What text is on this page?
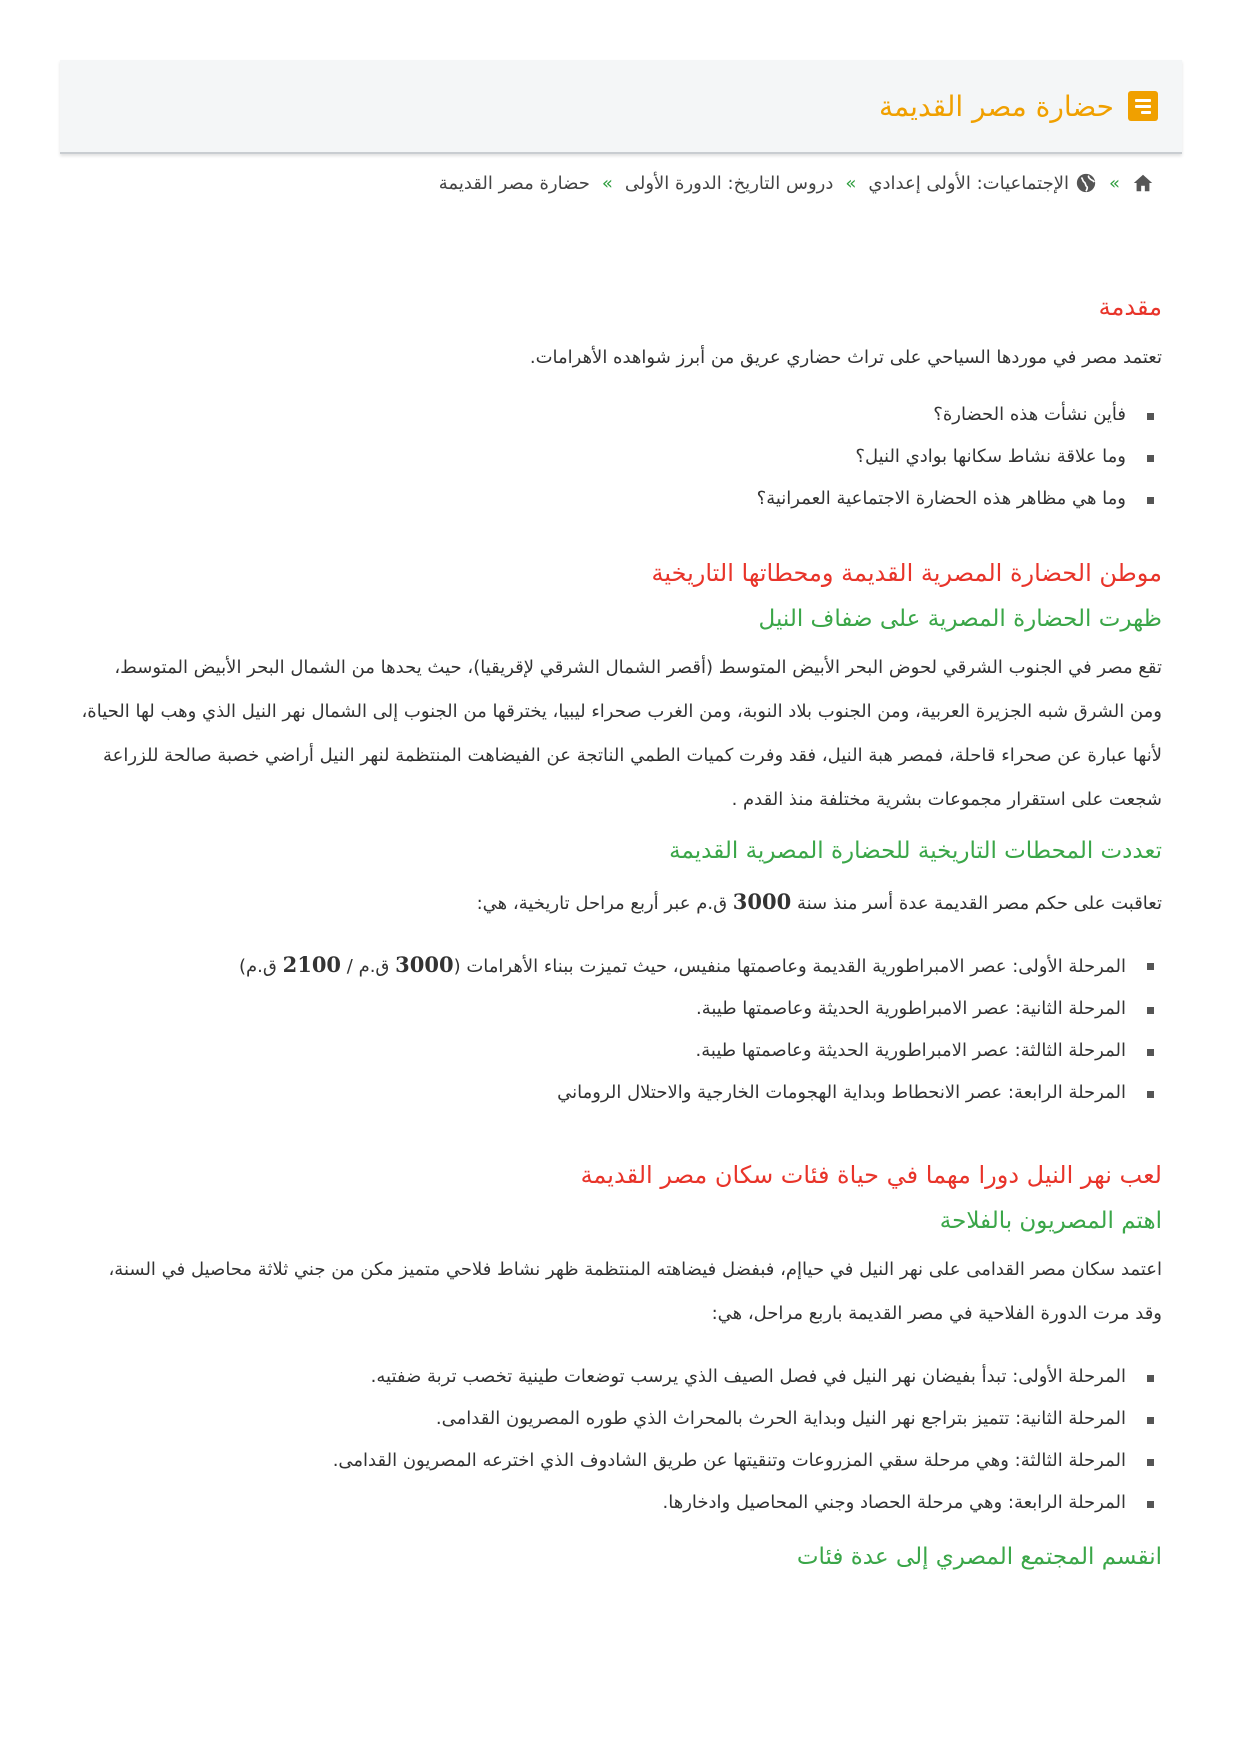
حضارة مصر القديمة
»
الإجتماعيات: الأولى إعدادي
»
دروس التاريخ: الدورة الأولى
»
حضارة مصر القديمة
مقدمة

تعتمد مصر في موردها السياحي على تراث حضاري عريق من أبرز شواهده الأهرامات.

فأين نشأت هذه الحضارة؟
وما علاقة نشاط سكانها بوادي النيل؟
وما هي مظاهر هذه الحضارة الاجتماعية العمرانية؟
موطن الحضارة المصرية القديمة ومحطاتها التاريخية
ظهرت الحضارة المصرية على ضفاف النيل

تقع مصر في الجنوب الشرقي لحوض البحر الأبيض المتوسط (أقصر الشمال الشرقي لإقريقيا)، حيث يحدها من الشمال البحر الأبيض المتوسط، ومن الشرق شبه الجزيرة العربية، ومن الجنوب بلاد النوبة، ومن الغرب صحراء ليبيا، يخترقها من الجنوب إلى الشمال نهر النيل الذي وهب لها الحياة، لأنها عبارة عن صحراء قاحلة، فمصر هبة النيل، فقد وفرت كميات الطمي الناتجة عن الفيضاهت المنتظمة لنهر النيل أراضي خصبة صالحة للزراعة شجعت على استقرار مجموعات بشرية مختلفة منذ القدم .

تعددت المحطات التاريخية للحضارة المصرية القديمة

تعاقبت على حكم مصر القديمة عدة أسر منذ سنة 3000 ق.م عبر أربع مراحل تاريخية، هي:

المرحلة الأولى: عصر الامبراطورية القديمة وعاصمتها منفيس، حيث تميزت ببناء الأهرامات (3000 ق.م / 2100 ق.م)
المرحلة الثانية: عصر الامبراطورية الحديثة وعاصمتها طيبة.
المرحلة الثالثة: عصر الامبراطورية الحديثة وعاصمتها طيبة.
المرحلة الرابعة: عصر الانحطاط وبداية الهجومات الخارجية والاحتلال الروماني
لعب نهر النيل دورا مهما في حياة فئات سكان مصر القديمة
اهتم المصريون بالفلاحة

اعتمد سكان مصر القدامى على نهر النيل في حيا‌إم، فبفضل فيضاهته المنتظمة ظهر نشاط فلاحي متميز مكن من جني ثلاثة محاصيل في السنة، وقد مرت الدورة الفلاحية في مصر القديمة باربع مراحل، هي:

المرحلة الأولى: تبدأ بفيضان نهر النيل في فصل الصيف الذي يرسب توضعات طينية تخصب تربة ضفتيه.
المرحلة الثانية: تتميز بتراجع نهر النيل وبداية الحرث بالمحراث الذي طوره المصريون القدامى.
المرحلة الثالثة: وهي مرحلة سقي المزروعات وتنقيتها عن طريق الشادوف الذي اخترعه المصريون القدامى.
المرحلة الرابعة: وهي مرحلة الحصاد وجني المحاصيل وادخارها.
انقسم المجتمع المصري إلى عدة فئات
